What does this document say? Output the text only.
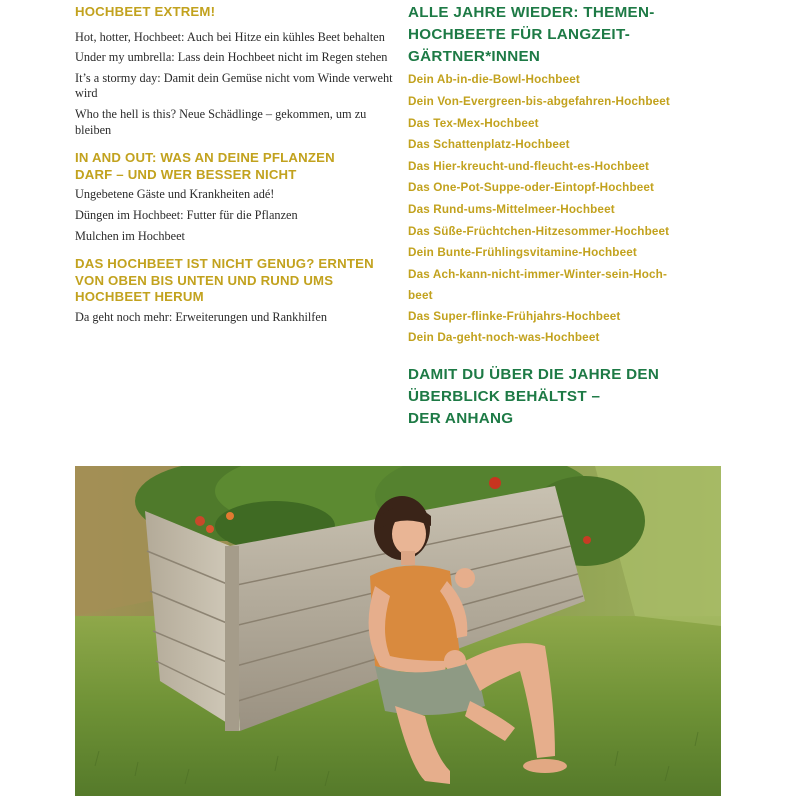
HOCHBEET EXTREM!
Hot, hotter, Hochbeet: Auch bei Hitze ein kühles Beet behalten
Under my umbrella: Lass dein Hochbeet nicht im Regen stehen
It’s a stormy day: Damit dein Gemüse nicht vom Winde verweht wird
Who the hell is this? Neue Schädlinge – gekommen, um zu bleiben
IN AND OUT: WAS AN DEINE PFLANZEN DARF – UND WER BESSER NICHT
Ungebetene Gäste und Krankheiten adé!
Düngen im Hochbeet: Futter für die Pflanzen
Mulchen im Hochbeet
DAS HOCHBEET IST NICHT GENUG? ERNTEN VON OBEN BIS UNTEN UND RUND UMS HOCHBEET HERUM
Da geht noch mehr: Erweiterungen und Rankhilfen
ALLE JAHRE WIEDER: THEMEN-
HOCHBEETE FÜR LANGZEIT-
GÄRTNER*INNEN
Dein Ab-in-die-Bowl-Hochbeet
Dein Von-Evergreen-bis-abgefahren-Hochbeet
Das Tex-Mex-Hochbeet
Das Schattenplatz-Hochbeet
Das Hier-kreucht-und-fleucht-es-Hochbeet
Das One-Pot-Suppe-oder-Eintopf-Hochbeet
Das Rund-ums-Mittelmeer-Hochbeet
Das Süße-Früchtchen-Hitzesommer-Hochbeet
Dein Bunte-Frühlingsvitamine-Hochbeet
Das Ach-kann-nicht-immer-Winter-sein-Hoch-
beet
Das Super-flinke-Frühjahrs-Hochbeet
Dein Da-geht-noch-was-Hochbeet
DAMIT DU ÜBER DIE JAHRE DEN
ÜBERBLICK BEHÄLTST –
DER ANHANG
